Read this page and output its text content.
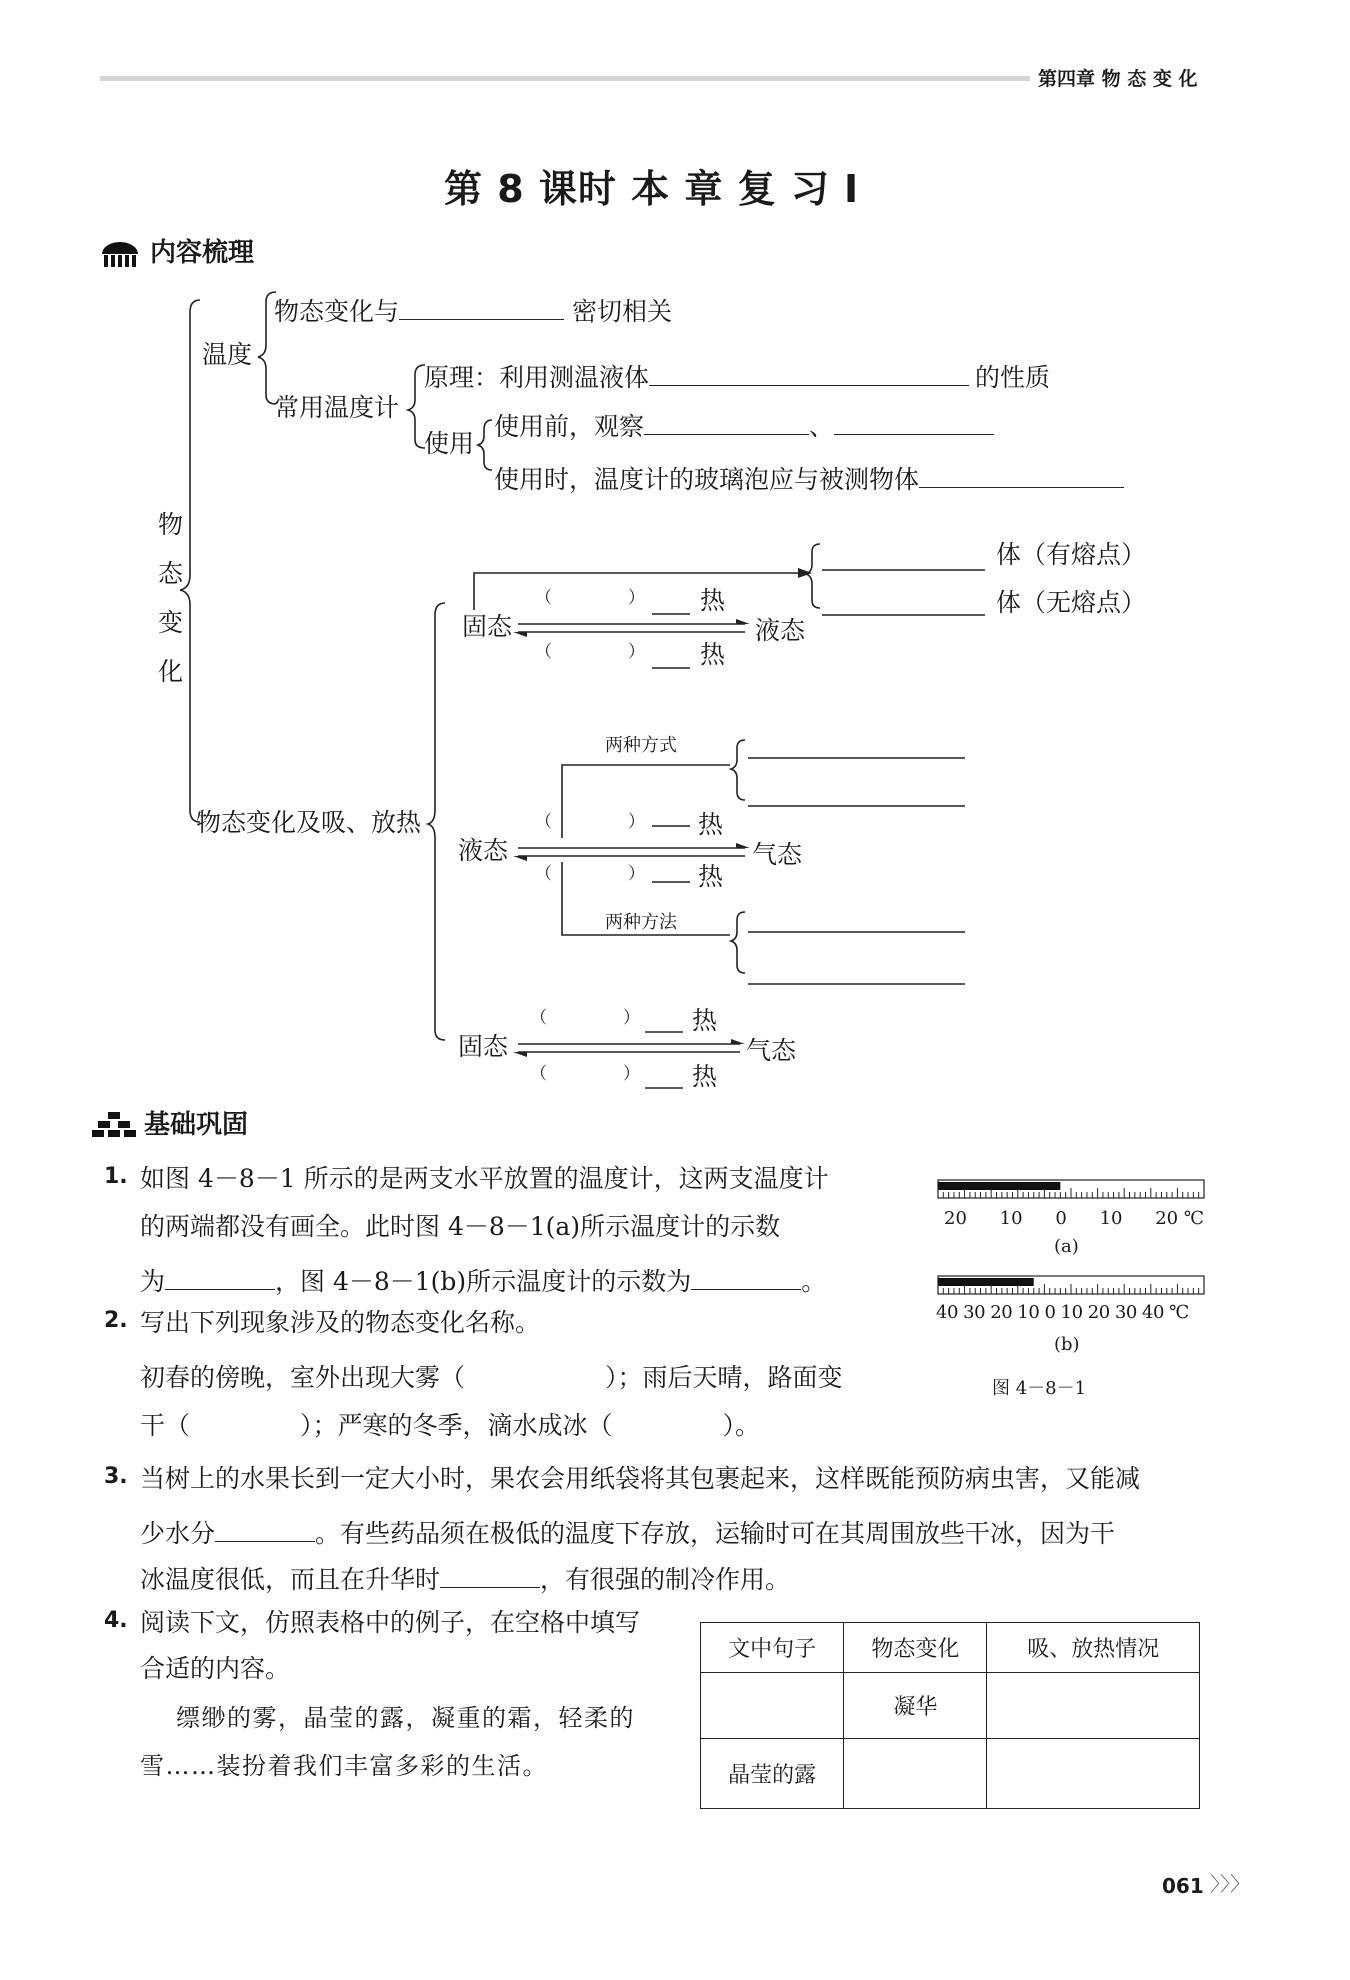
第四章 物 态 变 化
第 8 课时 本 章 复 习 Ⅰ
内容梳理
物
态
变
化
温度
物态变化与	密切相关
常用温度计
原理：利用测温液体	的性质
使用
使用前，观察	、
使用时，温度计的玻璃泡应与被测物体
物态变化及吸、放热
固态	液态
（	） 热
（	） 热
体（有熔点）
体（无熔点）
两种方式
液态	气态
（	） 热
（	） 热
两种方法
固态	气态
（	） 热
（	） 热
基础巩固
1. 如图 4－8－1 所示的是两支水平放置的温度计，这两支温度计
的两端都没有画全。此时图 4－8－1(a)所示温度计的示数
为	，图 4－8－1(b)所示温度计的示数为	。
20 10 0 10 20 ℃
(a)
40 30 20 10 0 10 20 30 40 ℃
(b)
图 4－8－1
2. 写出下列现象涉及的物态变化名称。
初春的傍晚，室外出现大雾（	）；雨后天晴，路面变
干（	）；严寒的冬季，滴水成冰（	）。
3. 当树上的水果长到一定大小时，果农会用纸袋将其包裹起来，这样既能预防病虫害，又能减
少水分	。有些药品须在极低的温度下存放，运输时可在其周围放些干冰，因为干
冰温度很低，而且在升华时	，有很强的制冷作用。
4. 阅读下文，仿照表格中的例子，在空格中填写
合适的内容。
缥缈的雾，晶莹的露，凝重的霜，轻柔的
雪……装扮着我们丰富多彩的生活。
文中句子	物态变化	吸、放热情况
	凝华	
晶莹的露		
061 〉〉〉
